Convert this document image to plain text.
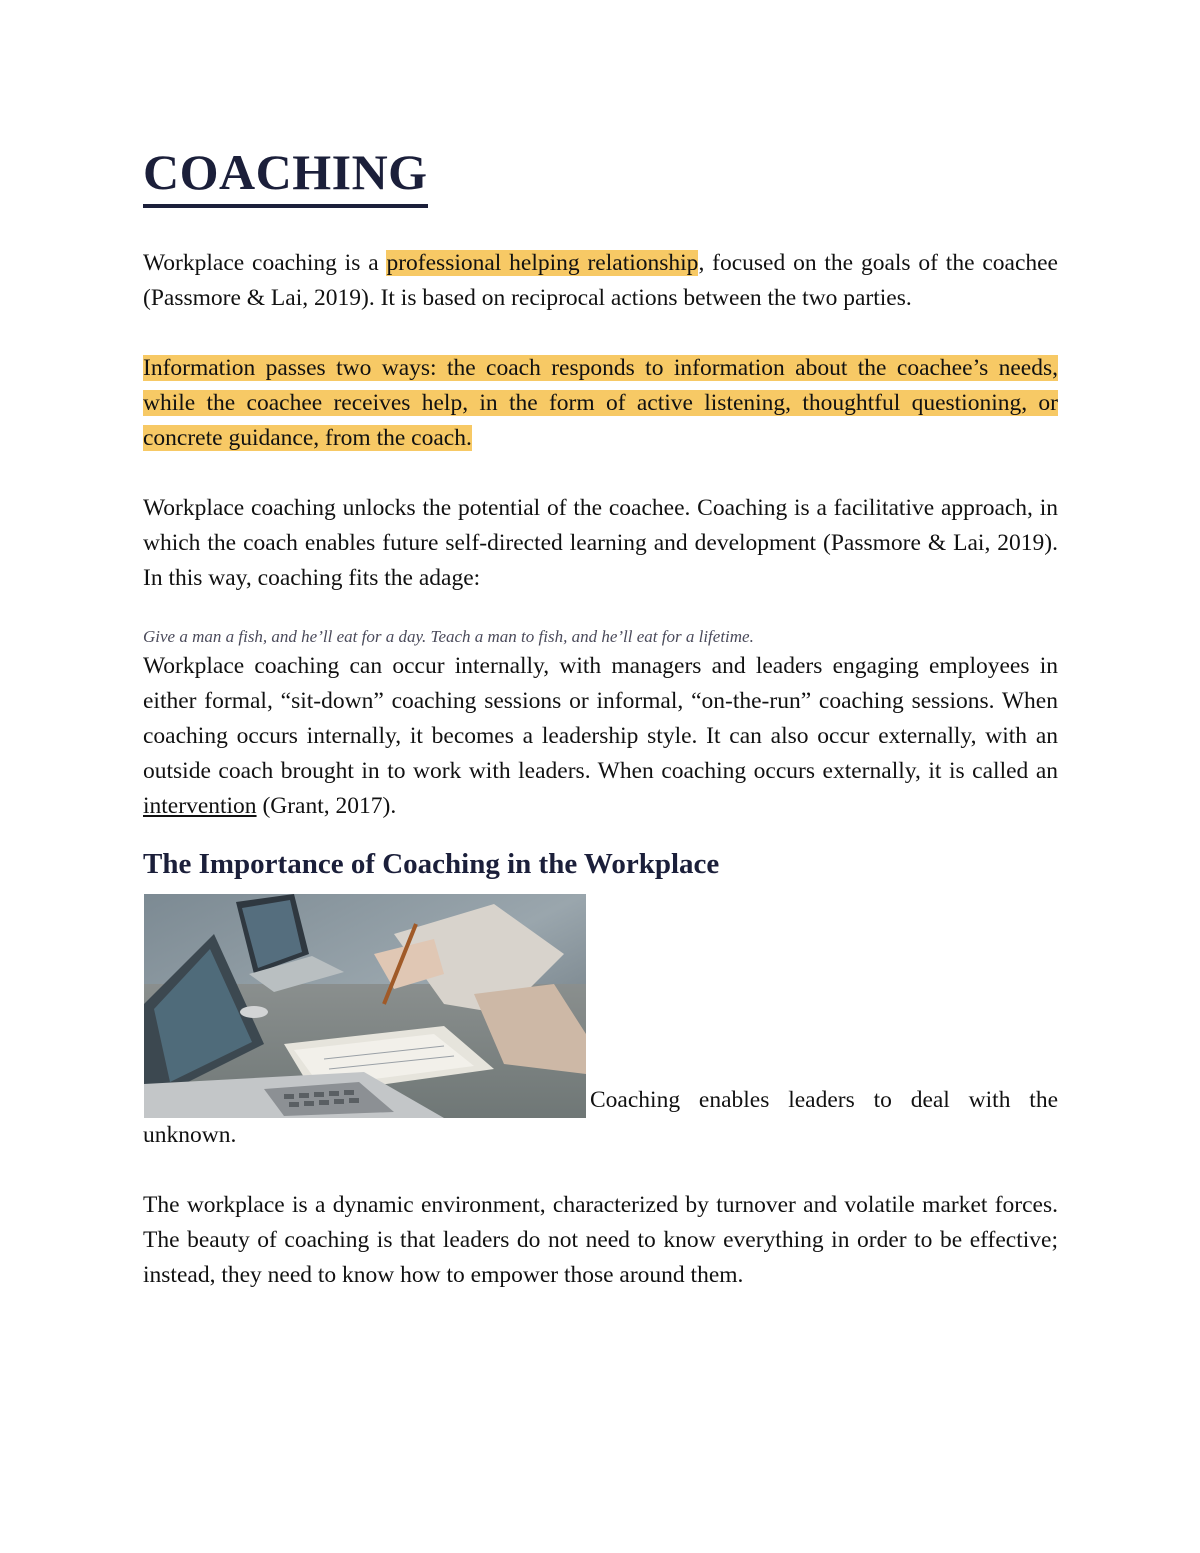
COACHING

Workplace coaching is a professional helping relationship, focused on the goals of the coachee (Passmore & Lai, 2019). It is based on reciprocal actions between the two parties.

Information passes two ways: the coach responds to information about the coachee’s needs, while the coachee receives help, in the form of active listening, thoughtful questioning, or concrete guidance, from the coach.

Workplace coaching unlocks the potential of the coachee. Coaching is a facilitative approach, in which the coach enables future self-directed learning and development (Passmore & Lai, 2019). In this way, coaching fits the adage:

Give a man a fish, and he’ll eat for a day. Teach a man to fish, and he’ll eat for a lifetime.

Workplace coaching can occur internally, with managers and leaders engaging employees in either formal, “sit-down” coaching sessions or informal, “on-the-run” coaching sessions. When coaching occurs internally, it becomes a leadership style. It can also occur externally, with an outside coach brought in to work with leaders. When coaching occurs externally, it is called an intervention (Grant, 2017).

The Importance of Coaching in the Workplace

Coaching enables leaders to deal with the unknown.

The workplace is a dynamic environment, characterized by turnover and volatile market forces. The beauty of coaching is that leaders do not need to know everything in order to be effective; instead, they need to know how to empower those around them.
